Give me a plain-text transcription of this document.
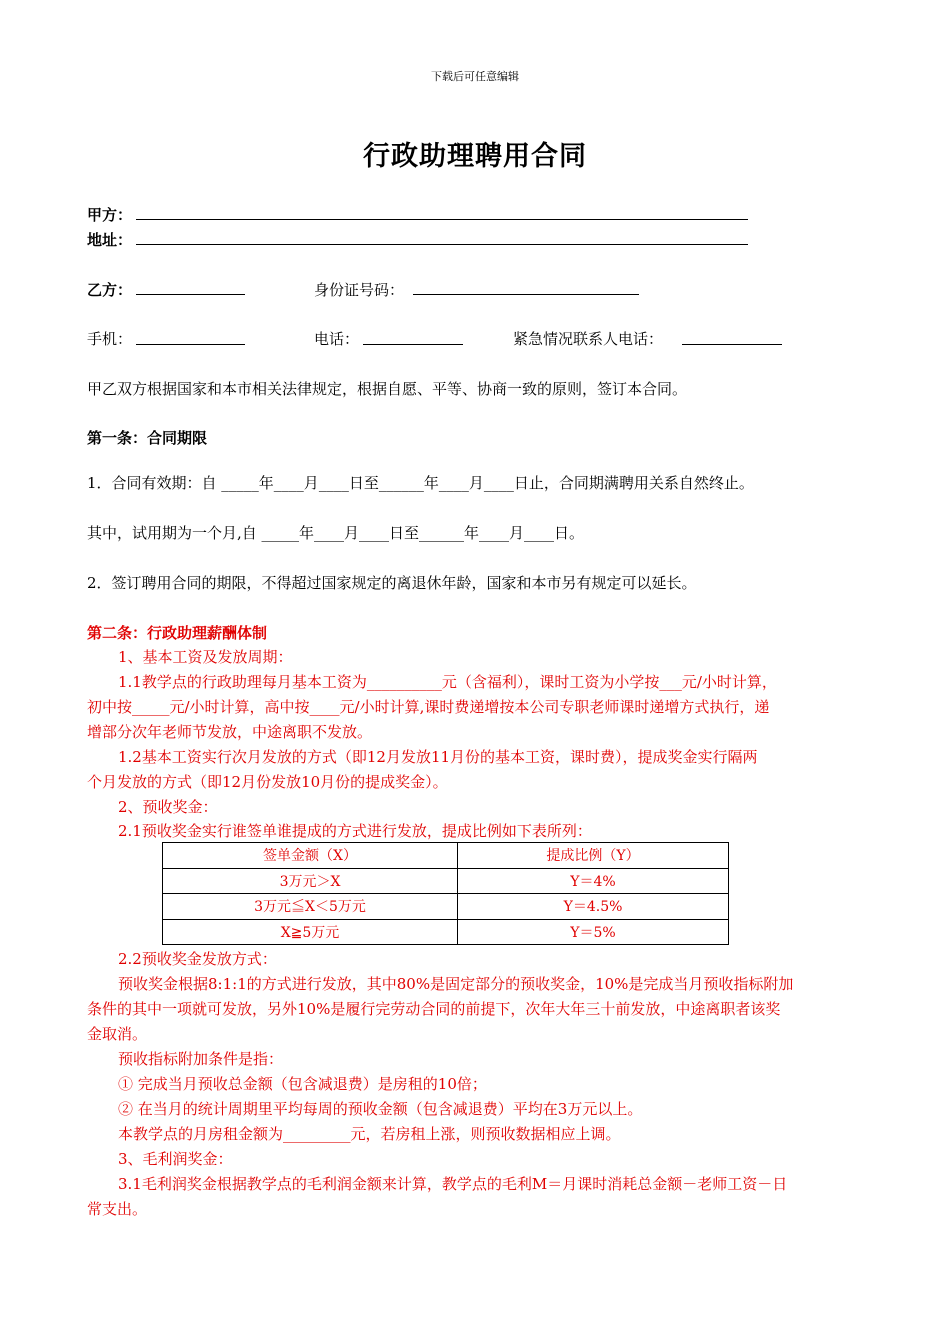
下载后可任意编辑
行政助理聘用合同
甲方：
地址：
乙方：	身份证号码：
手机：	电话：	紧急情况联系人电话：
甲乙双方根据国家和本市相关法律规定，根据自愿、平等、协商一致的原则，签订本合同。
第一条：合同期限
1．合同有效期：自 _____年____月____日至______年____月____日止，合同期满聘用关系自然终止。
其中，试用期为一个月,自 _____年____月____日至______年____月____日。
2．签订聘用合同的期限，不得超过国家规定的离退休年龄，国家和本市另有规定可以延长。
第二条：行政助理薪酬体制
1、基本工资及发放周期：
1.1教学点的行政助理每月基本工资为__________元（含福利），课时工资为小学按___元/小时计算，
初中按_____元/小时计算，高中按____元/小时计算,课时费递增按本公司专职老师课时递增方式执行，递
增部分次年老师节发放，中途离职不发放。
1.2基本工资实行次月发放的方式（即12月发放11月份的基本工资，课时费），提成奖金实行隔两
个月发放的方式（即12月份发放10月份的提成奖金）。
2、预收奖金：
2.1预收奖金实行谁签单谁提成的方式进行发放，提成比例如下表所列：
签单金额（X）	提成比例（Y）
3万元＞X	Y＝4%
3万元≦X＜5万元	Y＝4.5%
X≧5万元	Y＝5%
2.2预收奖金发放方式：
预收奖金根据8:1:1的方式进行发放，其中80%是固定部分的预收奖金，10%是完成当月预收指标附加
条件的其中一项就可发放，另外10%是履行完劳动合同的前提下，次年大年三十前发放，中途离职者该奖
金取消。
预收指标附加条件是指：
① 完成当月预收总金额（包含减退费）是房租的10倍；
② 在当月的统计周期里平均每周的预收金额（包含减退费）平均在3万元以上。
本教学点的月房租金额为_________元，若房租上涨，则预收数据相应上调。
3、毛利润奖金：
3.1毛利润奖金根据教学点的毛利润金额来计算，教学点的毛利M＝月课时消耗总金额－老师工资－日
常支出。
